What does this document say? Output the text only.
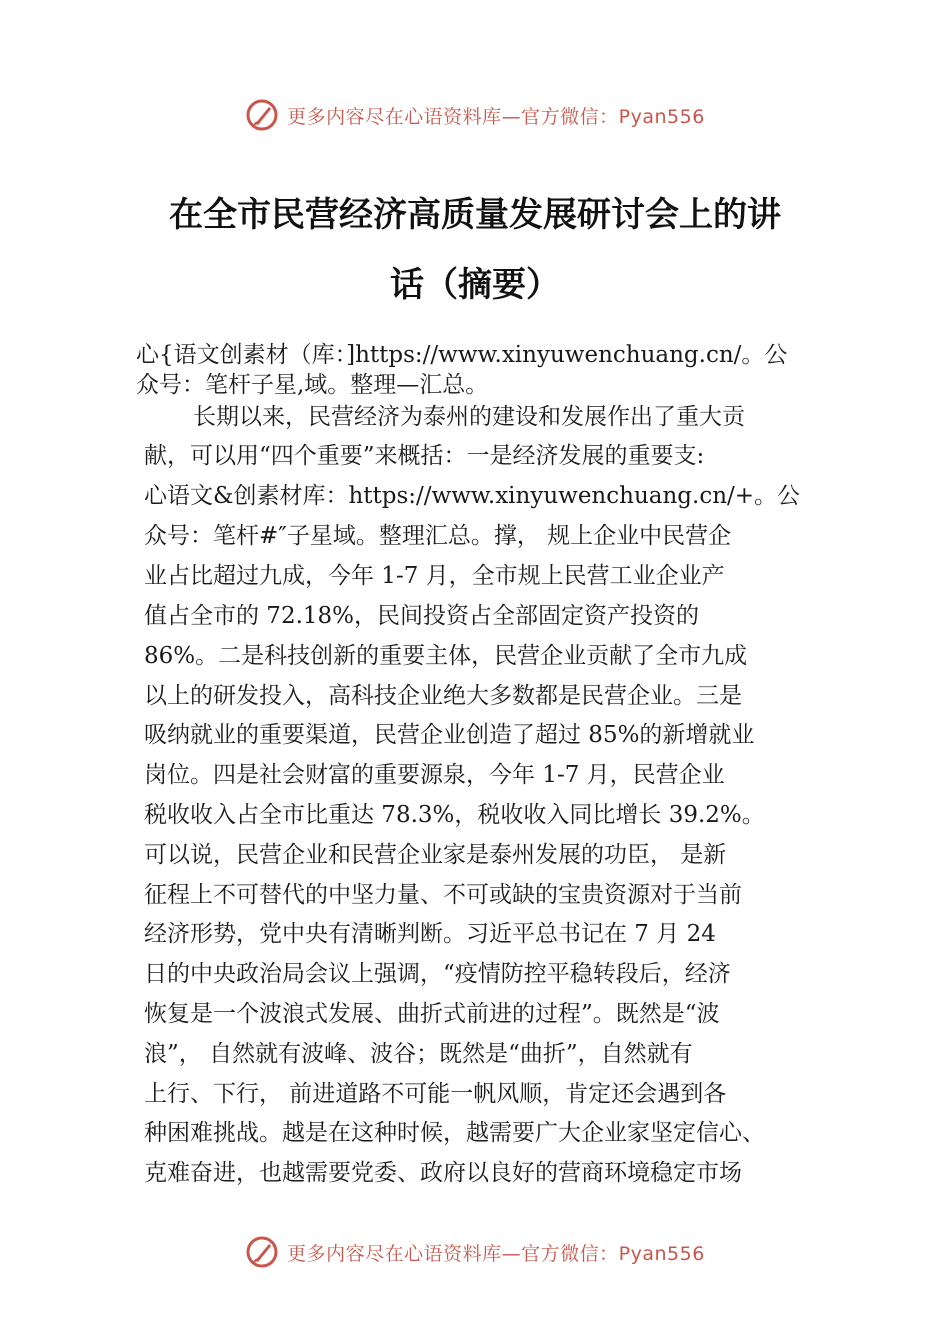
更多内容尽在心语资料库—官方微信：Pyan556
在全市民营经济高质量发展研讨会上的讲
话（摘要）
心{语文创素材（库：]https://www.xinyuwenchuang.cn/。公
众号：笔杆子星,域。整理—汇总。
长期以来，民营经济为泰州的建设和发展作出了重大贡
献，可以用“四个重要”来概括：一是经济发展的重要支:
心语文&创素材库：https://www.xinyuwenchuang.cn/+。公
众号：笔杆#″子星域。整理汇总。撑， 规上企业中民营企
业占比超过九成，今年 1-7 月，全市规上民营工业企业产
值占全市的 72.18%，民间投资占全部固定资产投资的
86%。二是科技创新的重要主体，民营企业贡献了全市九成
以上的研发投入，高科技企业绝大多数都是民营企业。三是
吸纳就业的重要渠道，民营企业创造了超过 85%的新增就业
岗位。四是社会财富的重要源泉，今年 1-7 月，民营企业
税收收入占全市比重达 78.3%，税收收入同比增长 39.2%。
可以说，民营企业和民营企业家是泰州发展的功臣， 是新
征程上不可替代的中坚力量、不可或缺的宝贵资源对于当前
经济形势，党中央有清晰判断。习近平总书记在 7 月 24
日的中央政治局会议上强调，“疫情防控平稳转段后，经济
恢复是一个波浪式发展、曲折式前进的过程”。既然是“波
浪”， 自然就有波峰、波谷；既然是“曲折”，自然就有
上行、下行， 前进道路不可能一帆风顺，肯定还会遇到各
种困难挑战。越是在这种时候，越需要广大企业家坚定信心、
克难奋进，也越需要党委、政府以良好的营商环境稳定市场
更多内容尽在心语资料库—官方微信：Pyan556
